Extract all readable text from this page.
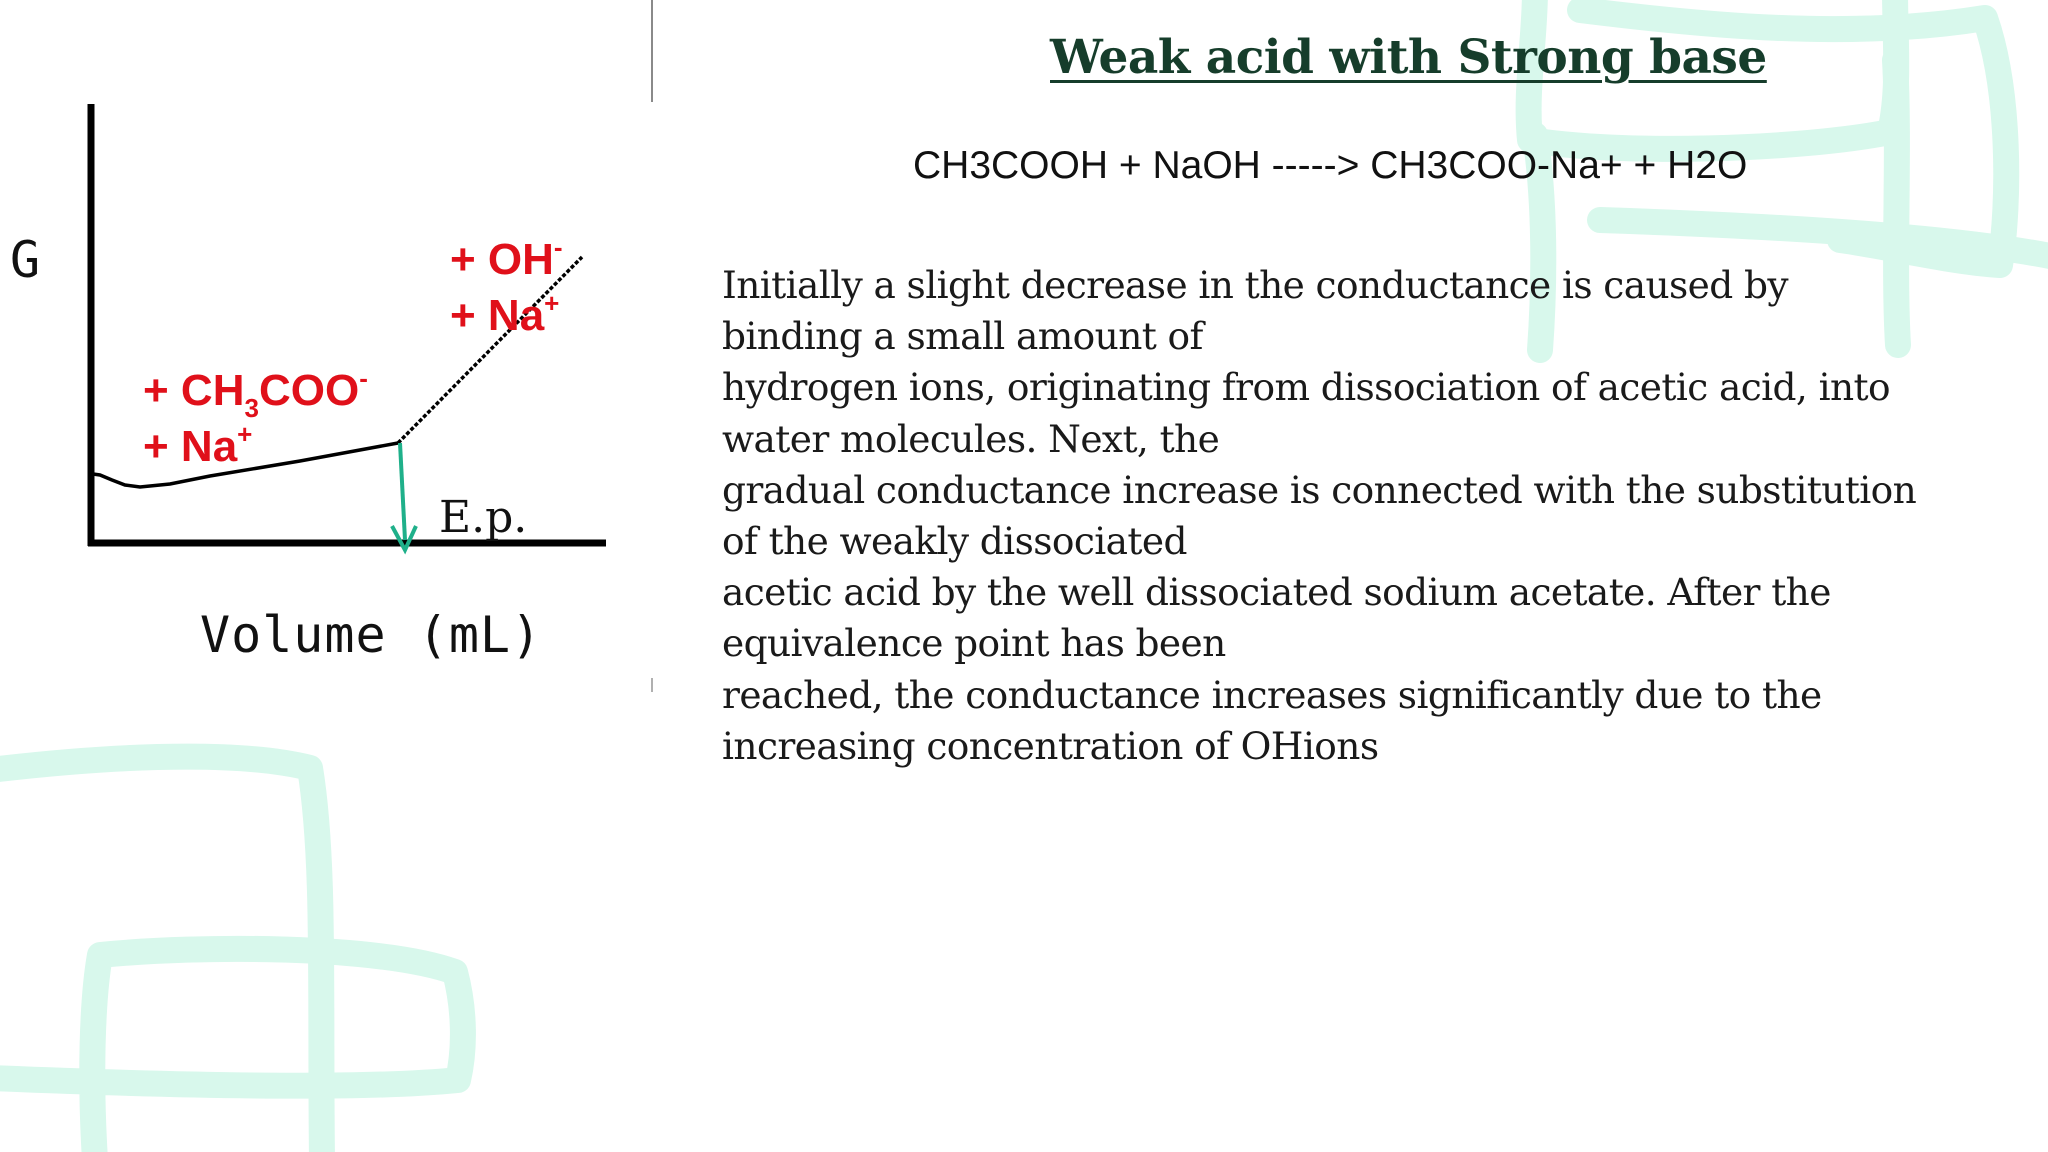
G
Volume (mL)
E.p.
+ $CH_3COO^-$
+ Na+
+ OH-
+ Na+
Weak acid with Strong base
CH3COOH + NaOH -----> CH3COO-Na+ + H2O
Initially a slight decrease in the conductance is caused by
binding a small amount of
hydrogen ions, originating from dissociation of acetic acid, into
water molecules. Next, the
gradual conductance increase is connected with the substitution
of the weakly dissociated
acetic acid by the well dissociated sodium acetate. After the
equivalence point has been
reached, the conductance increases significantly due to the
increasing concentration of OHions
